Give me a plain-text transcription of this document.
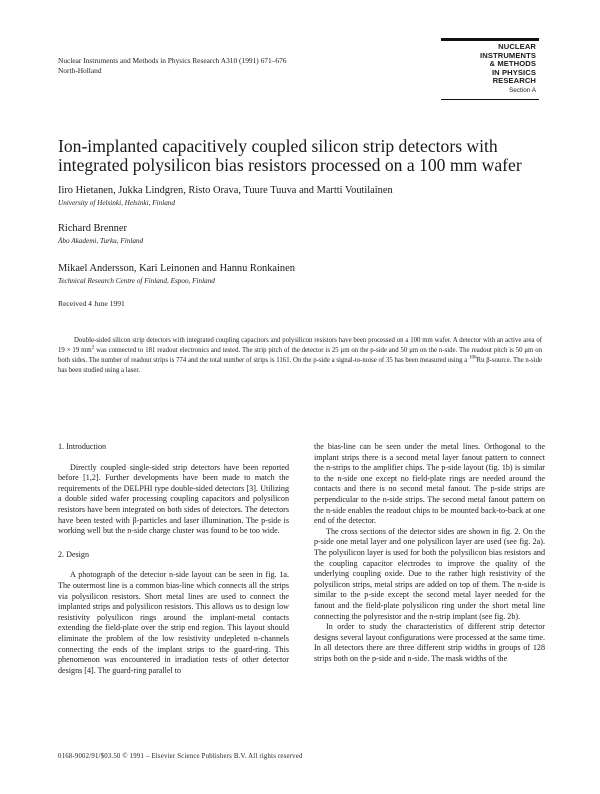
Nuclear Instruments and Methods in Physics Research A310 (1991) 671–676
North-Holland
NUCLEAR
INSTRUMENTS
& METHODS
IN PHYSICS
RESEARCH
Section A
Ion-implanted capacitively coupled silicon strip detectors with integrated polysilicon bias resistors processed on a 100 mm wafer

Iiro Hietanen, Jukka Lindgren, Risto Orava, Tuure Tuuva and Martti Voutilainen

University of Helsinki, Helsinki, Finland

Richard Brenner

Åbo Akademi, Turku, Finland

Mikael Andersson, Kari Leinonen and Hannu Ronkainen

Technical Research Centre of Finland, Espoo, Finland

Received 4 June 1991

Double-sided silicon strip detectors with integrated coupling capacitors and polysilicon resistors have been processed on a 100 mm wafer. A detector with an active area of 19 × 19 $mm^2$ was connected to 181 readout electronics and tested. The strip pitch of the detector is 25 μm on the p-side and 50 μm on the n-side. The readout pitch is 50 μm on both sides. The number of readout strips is 774 and the total number of strips is 1161. On the p-side a signal-to-noise of 35 has been measured using a $^{106}$Ru β-source. The n-side has been studied using a laser.

1. Introduction

Directly coupled single-sided strip detectors have been reported before [1,2]. Further developments have been made to match the requirements of the DELPHI type double-sided detectors [3]. Utilizing a double sided wafer processing coupling capacitors and polysilicon resistors have been integrated on both sides of detectors. The detectors have been tested with β-particles and laser illumination. The p-side is working well but the n-side charge cluster was found to be too wide.

2. Design

A photograph of the detector n-side layout can be seen in fig. 1a. The outermost line is a common bias-line which connects all the strips via polysilicon resistors. Short metal lines are used to connect the implanted strips and polysilicon resistors. This allows us to design low resistivity polysilicon rings around the implant-metal contacts extending the field-plate over the strip end region. This layout should eliminate the problem of the low resistivity undepleted n-channels connecting the ends of the implant strips to the guard-ring. This phenomenon was encountered in irradiation tests of other detector designs [4]. The guard-ring parallel to

the bias-line can be seen under the metal lines. Orthogonal to the implant strips there is a second metal layer fanout pattern to connect the n-strips to the amplifier chips. The p-side layout (fig. 1b) is similar to the n-side one except no field-plate rings are needed around the contacts and there is no second metal fanout. The p-side strips are perpendicular to the n-side strips. The second metal fanout pattern on the n-side enables the readout chips to be mounted back-to-back at one end of the detector.

The cross sections of the detector sides are shown in fig. 2. On the p-side one metal layer and one polysilicon layer are used (see fig. 2a). The polysilicon layer is used for both the polysilicon bias resistors and the coupling capacitor electrodes to improve the quality of the underlying coupling oxide. Due to the rather high resistivity of the polysilicon strips, metal strips are added on top of them. The n-side is similar to the p-side except the second metal layer needed for the fanout and the field-plate polysilicon ring under the short metal line connecting the polyresistor and the n-strip implant (see fig. 2b).

In order to study the characteristics of different strip detector designs several layout configurations were processed at the same time. In all detectors there are three different strip widths in groups of 128 strips both on the p-side and n-side. The mask widths of the

0168-9002/91/$03.50 © 1991 – Elsevier Science Publishers B.V. All rights reserved
